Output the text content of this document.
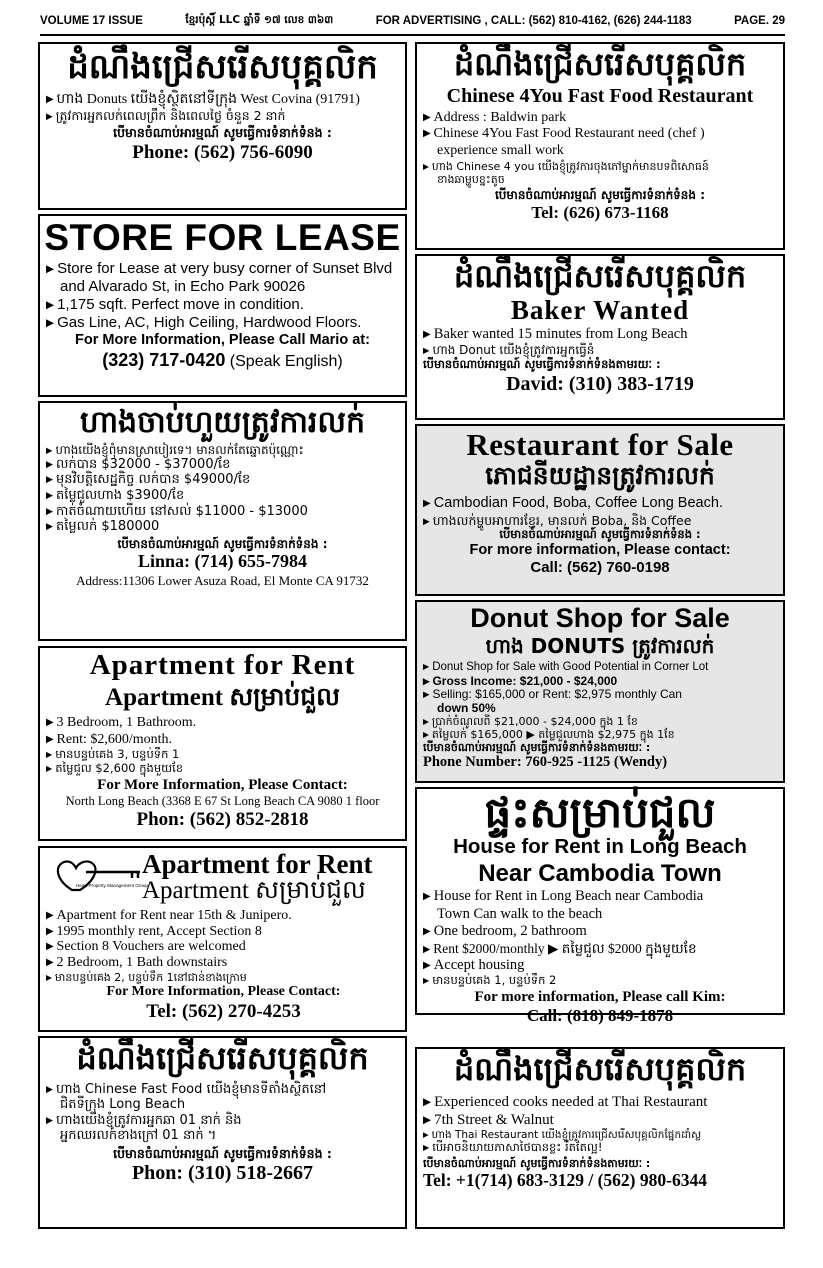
VOLUME 17 ISSUE	ខ្មែរប៉ុស្តិ៍ LLC ឆ្នាំទី ១៧ លេខ ៣៦៣	FOR ADVERTISING , CALL: (562) 810-4162, (626) 244-1183	PAGE. 29
ដំណឹងជ្រើសរើសបុគ្គលិក
▶ ហាង Donuts យើងខ្ញុំស្ថិតនៅទីក្រុង West Covina (91791)
▶ ត្រូវការអ្នកលក់ពេលព្រឹក និងពេលថ្ងៃ ចំនួន 2 នាក់
បើមានចំណាប់អារម្មណ៍ សូមធ្វើការទំនាក់ទំនង :
Phone: (562) 756-6090
ដំណឹងជ្រើសរើសបុគ្គលិក
Chinese 4You Fast Food Restaurant
▶ Address : Baldwin park
▶ Chinese 4You Fast Food Restaurant need (chef )
experience small work
▶ ហាង Chinese 4 you យើងខ្ញុំត្រូវការចុងភៅម្នាក់មានបទពិសោធន៍
ខាងឆាម្ហូបខ្នះតូច
បើមានចំណាប់អារម្មណ៍ សូមធ្វើការទំនាក់ទំនង :
Tel: (626) 673-1168
STORE FOR LEASE
▶ Store for Lease at very busy corner of Sunset Blvd
and Alvarado St, in Echo Park 90026
▶ 1,175 sqft. Perfect move in condition.
▶ Gas Line, AC, High Ceiling, Hardwood Floors.
For More Information, Please Call Mario at:
(323) 717-0420 (Speak English)
ដំណឹងជ្រើសរើសបុគ្គលិក
Baker Wanted
▶ Baker wanted 15 minutes from Long Beach
▶ ហាង Donut យើងខ្ញុំត្រូវការអ្នកធ្វើនំ
បើមានចំណាប់អារម្មណ៍ សូមធ្វើការទំនាក់ទំនងតាមរយៈ :
David: (310) 383-1719
ហាងចាប់ហួយត្រូវការលក់
▶ ហាងយើងខ្ញុំពុំមានស្រាបៀរទេ។ មានលក់តែឆ្នោតប៉ុណ្ណោះ
▶ លក់បាន $32000 - $37000/ខែ
▶ មុនវិបត្តិសេដ្ឋកិច្ច លក់បាន $49000/ខែ
▶ តម្លៃជួលហាង $3900/ខែ
▶ កាត់ចំណាយហើយ នៅសល់ $11000 - $13000
▶ តម្លៃលក់ $180000
បើមានចំណាប់អារម្មណ៍ សូមធ្វើការទំនាក់ទំនង :
Linna: (714) 655-7984
Address:11306 Lower Asuza Road, El Monte CA 91732
Restaurant for Sale
ភោជនីយដ្ឋានត្រូវការលក់
▶ Cambodian Food, Boba, Coffee Long Beach.
▶ ហាងលក់ម្ហូបអាហារខ្មែរ, មានលក់ Boba, និង Coffee
បើមានចំណាប់អារម្មណ៍ សូមធ្វើការទំនាក់ទំនង :
For more information, Please contact:
Call: (562) 760-0198
Apartment for Rent
Apartment សម្រាប់ជួល
▶ 3 Bedroom, 1 Bathroom.
▶ Rent: $2,600/month.
▶ មានបន្ទប់គេង 3, បន្ទប់ទឹក 1
▶ តម្លៃជួល $2,600 ក្នុងមួយខែ
For More Information, Please Contact:
North Long Beach (3368 E 67 St Long Beach CA 9080 1 floor
Phon: (562) 852-2818
Donut Shop for Sale
ហាង DONUTS ត្រូវការលក់
▶ Donut Shop for Sale with Good Potential in Corner Lot
▶ Gross Income: $21,000 - $24,000
▶ Selling: $165,000 or Rent: $2,975 monthly Can
down 50%
▶ ប្រាក់ចំណូលពី $21,000 - $24,000 ក្នុង 1 ខែ
▶ តម្លៃលក់ $165,000 ▶ តម្លៃជួលហាង $2,975 ក្នុង 1ខែ
បើមានចំណាប់អារម្មណ៍ សូមធ្វើការទំនាក់ទំនងតាមរយៈ :
Phone Number: 760-925 -1125 (Wendy)
Heart Property Management Group
Apartment for Rent
Apartment សម្រាប់ជួល
▶ Apartment for Rent near 15th & Junipero.
▶ 1995 monthly rent, Accept Section 8
▶ Section 8 Vouchers are welcomed
▶ 2 Bedroom, 1 Bath downstairs
▶ មានបន្ទប់គេង 2, បន្ទប់ទឹក 1នៅជាន់ខាងក្រោម
For More Information, Please Contact:
Tel: (562) 270-4253
ផ្ទះសម្រាប់ជួល
House for Rent in Long Beach
Near Cambodia Town
▶ House for Rent in Long Beach near Cambodia
Town Can walk to the beach
▶ One bedroom, 2 bathroom
▶ Rent $2000/monthly ▶ តម្លៃជួល $2000 ក្នុងមួយខែ
▶ Accept housing
▶ មានបន្ទប់គេង 1, បន្ទប់ទឹក 2
For more information, Please call Kim:
Call: (818) 849-1878
ដំណឹងជ្រើសរើសបុគ្គលិក
▶ ហាង Chinese Fast Food យើងខ្ញុំមានទីតាំងស្ថិតនៅ
ជិតទីក្រុង Long Beach
▶ ហាងយើងខ្ញុំត្រូវការអ្នកឆា 01 នាក់ និង
អ្នកឈរលក់ខាងក្រៅ 01 នាក់ ។
បើមានចំណាប់អារម្មណ៍ សូមធ្វើការទំនាក់ទំនង :
Phon: (310) 518-2667
ដំណឹងជ្រើសរើសបុគ្គលិក
▶ Experienced cooks needed at Thai Restaurant
▶ 7th Street & Walnut
▶ ហាង Thai Restaurant យើងខ្ញុំត្រូវការជ្រើសរើសបុគ្គលិកផ្នែកដាំស្ល
▶ បើអាចនិយាយភាសាថៃបានខ្លះ រឹតតែល្អ!
បើមានចំណាប់អារម្មណ៍ សូមធ្វើការទំនាក់ទំនងតាមរយៈ :
Tel: +1(714) 683-3129 / (562) 980-6344
